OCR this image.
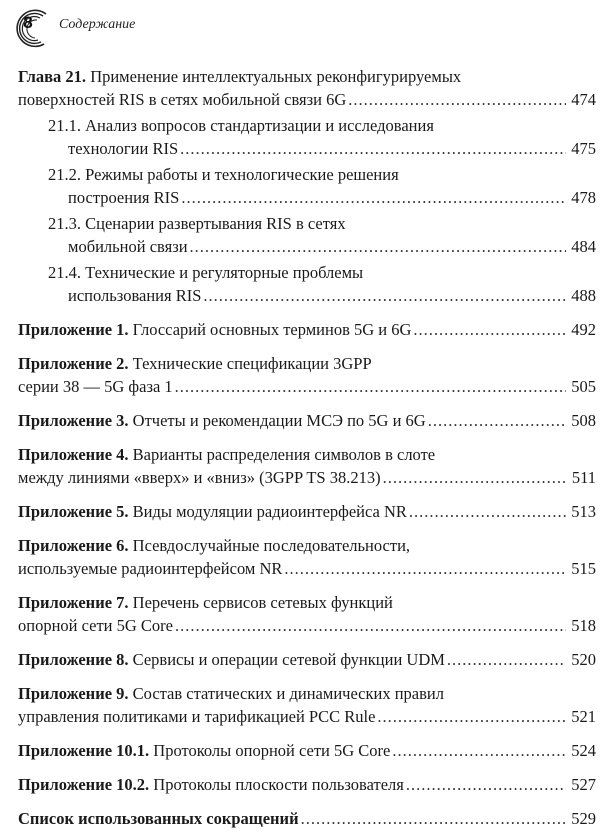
8	Содержание
Глава 21. Применение интеллектуальных реконфигурируемых
поверхностей RIS в сетях мобильной связи 6G .....	474
21.1. Анализ вопросов стандартизации и исследования
технологии RIS .....	475
21.2. Режимы работы и технологические решения
построения RIS .....	478
21.3. Сценарии развертывания RIS в сетях
мобильной связи .....	484
21.4. Технические и регуляторные проблемы
использования RIS .....	488
Приложение 1. Глоссарий основных терминов 5G и 6G .....	492
Приложение 2. Технические спецификации 3GPP
серии 38 — 5G фаза 1 .....	505
Приложение 3. Отчеты и рекомендации МСЭ по 5G и 6G .....	508
Приложение 4. Варианты распределения символов в слоте
между линиями «вверх» и «вниз» (3GPP TS 38.213) .....	511
Приложение 5. Виды модуляции радиоинтерфейса NR .....	513
Приложение 6. Псевдослучайные последовательности,
используемые радиоинтерфейсом NR .....	515
Приложение 7. Перечень сервисов сетевых функций
опорной сети 5G Core .....	518
Приложение 8. Сервисы и операции сетевой функции UDM .....	520
Приложение 9. Состав статических и динамических правил
управления политиками и тарификацией PCC Rule .....	521
Приложение 10.1. Протоколы опорной сети 5G Core .....	524
Приложение 10.2. Протоколы плоскости пользователя .....	527
Список использованных сокращений .....	529
